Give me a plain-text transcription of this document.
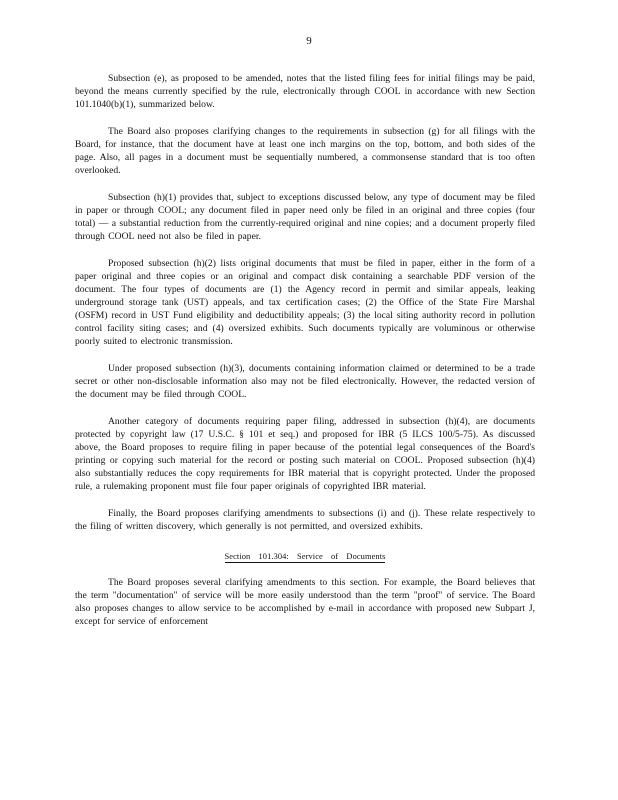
9

Subsection (e), as proposed to be amended, notes that the listed filing fees for initial filings may be paid, beyond the means currently specified by the rule, electronically through COOL in accordance with new Section 101.1040(b)(1), summarized below.

The Board also proposes clarifying changes to the requirements in subsection (g) for all filings with the Board, for instance, that the document have at least one inch margins on the top, bottom, and both sides of the page. Also, all pages in a document must be sequentially numbered, a commonsense standard that is too often overlooked.

Subsection (h)(1) provides that, subject to exceptions discussed below, any type of document may be filed in paper or through COOL; any document filed in paper need only be filed in an original and three copies (four total) — a substantial reduction from the currently-required original and nine copies; and a document properly filed through COOL need not also be filed in paper.

Proposed subsection (h)(2) lists original documents that must be filed in paper, either in the form of a paper original and three copies or an original and compact disk containing a searchable PDF version of the document. The four types of documents are (1) the Agency record in permit and similar appeals, leaking underground storage tank (UST) appeals, and tax certification cases; (2) the Office of the State Fire Marshal (OSFM) record in UST Fund eligibility and deductibility appeals; (3) the local siting authority record in pollution control facility siting cases; and (4) oversized exhibits. Such documents typically are voluminous or otherwise poorly suited to electronic transmission.

Under proposed subsection (h)(3), documents containing information claimed or determined to be a trade secret or other non-disclosable information also may not be filed electronically. However, the redacted version of the document may be filed through COOL.

Another category of documents requiring paper filing, addressed in subsection (h)(4), are documents protected by copyright law (17 U.S.C. § 101 et seq.) and proposed for IBR (5 ILCS 100/5-75). As discussed above, the Board proposes to require filing in paper because of the potential legal consequences of the Board's printing or copying such material for the record or posting such material on COOL. Proposed subsection (h)(4) also substantially reduces the copy requirements for IBR material that is copyright protected. Under the proposed rule, a rulemaking proponent must file four paper originals of copyrighted IBR material.

Finally, the Board proposes clarifying amendments to subsections (i) and (j). These relate respectively to the filing of written discovery, which generally is not permitted, and oversized exhibits.

Section 101.304: Service of Documents

The Board proposes several clarifying amendments to this section. For example, the Board believes that the term "documentation" of service will be more easily understood than the term "proof" of service. The Board also proposes changes to allow service to be accomplished by e-mail in accordance with proposed new Subpart J, except for service of enforcement
